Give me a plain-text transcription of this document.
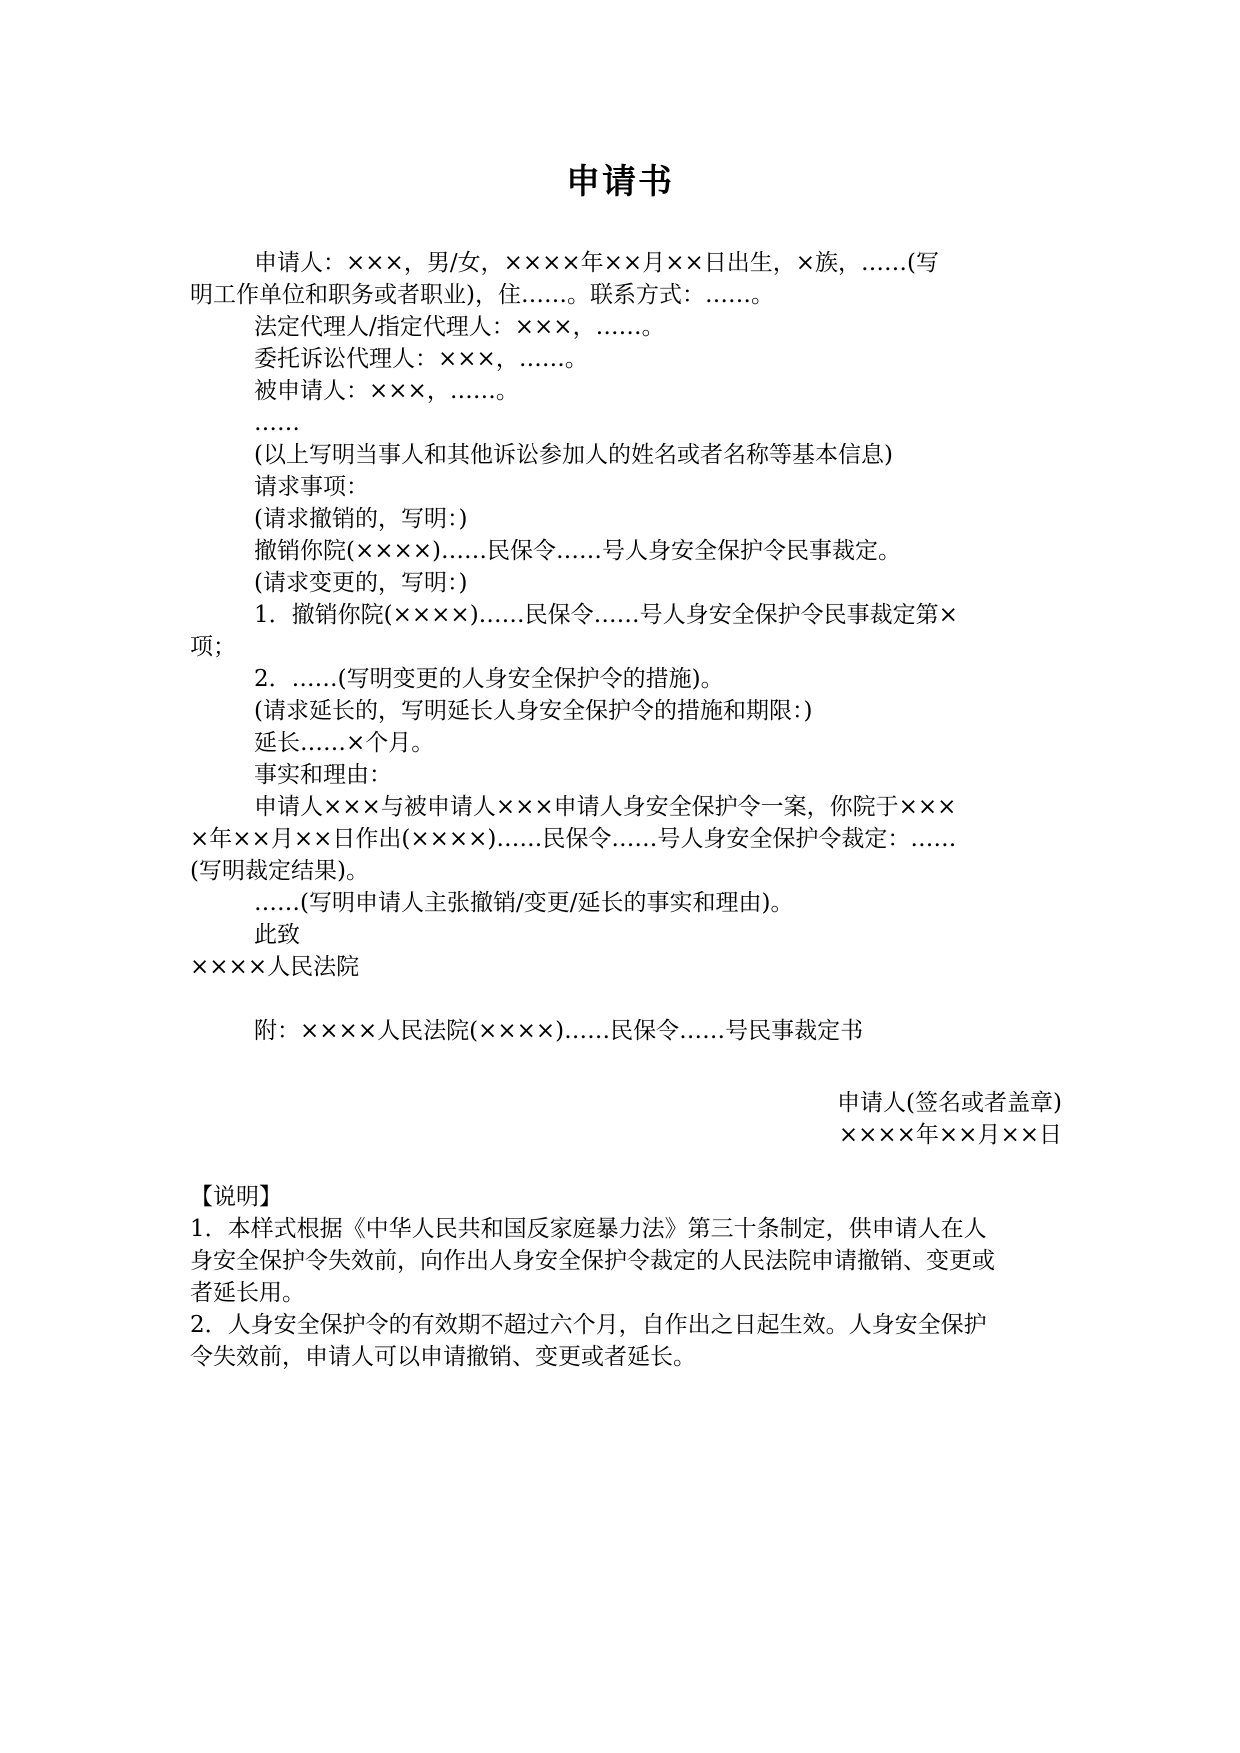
申请书
申请人：×××，男/女，××××年××月××日出生，×族，……(写
明工作单位和职务或者职业)，住……。联系方式：……。
法定代理人/指定代理人：×××，……。
委托诉讼代理人：×××，……。
被申请人：×××，……。
……
(以上写明当事人和其他诉讼参加人的姓名或者名称等基本信息)
请求事项：
(请求撤销的，写明：)
撤销你院(××××)……民保令……号人身安全保护令民事裁定。
(请求变更的，写明：)
1．撤销你院(××××)……民保令……号人身安全保护令民事裁定第×
项；
2．……(写明变更的人身安全保护令的措施)。
(请求延长的，写明延长人身安全保护令的措施和期限：)
延长……×个月。
事实和理由：
申请人×××与被申请人×××申请人身安全保护令一案，你院于×××
×年××月××日作出(××××)……民保令……号人身安全保护令裁定：……
(写明裁定结果)。
……(写明申请人主张撤销/变更/延长的事实和理由)。
此致
××××人民法院
附：××××人民法院(××××)……民保令……号民事裁定书
申请人(签名或者盖章)
××××年××月××日
【说明】
1．本样式根据《中华人民共和国反家庭暴力法》第三十条制定，供申请人在人
身安全保护令失效前，向作出人身安全保护令裁定的人民法院申请撤销、变更或
者延长用。
2．人身安全保护令的有效期不超过六个月，自作出之日起生效。人身安全保护
令失效前，申请人可以申请撤销、变更或者延长。
